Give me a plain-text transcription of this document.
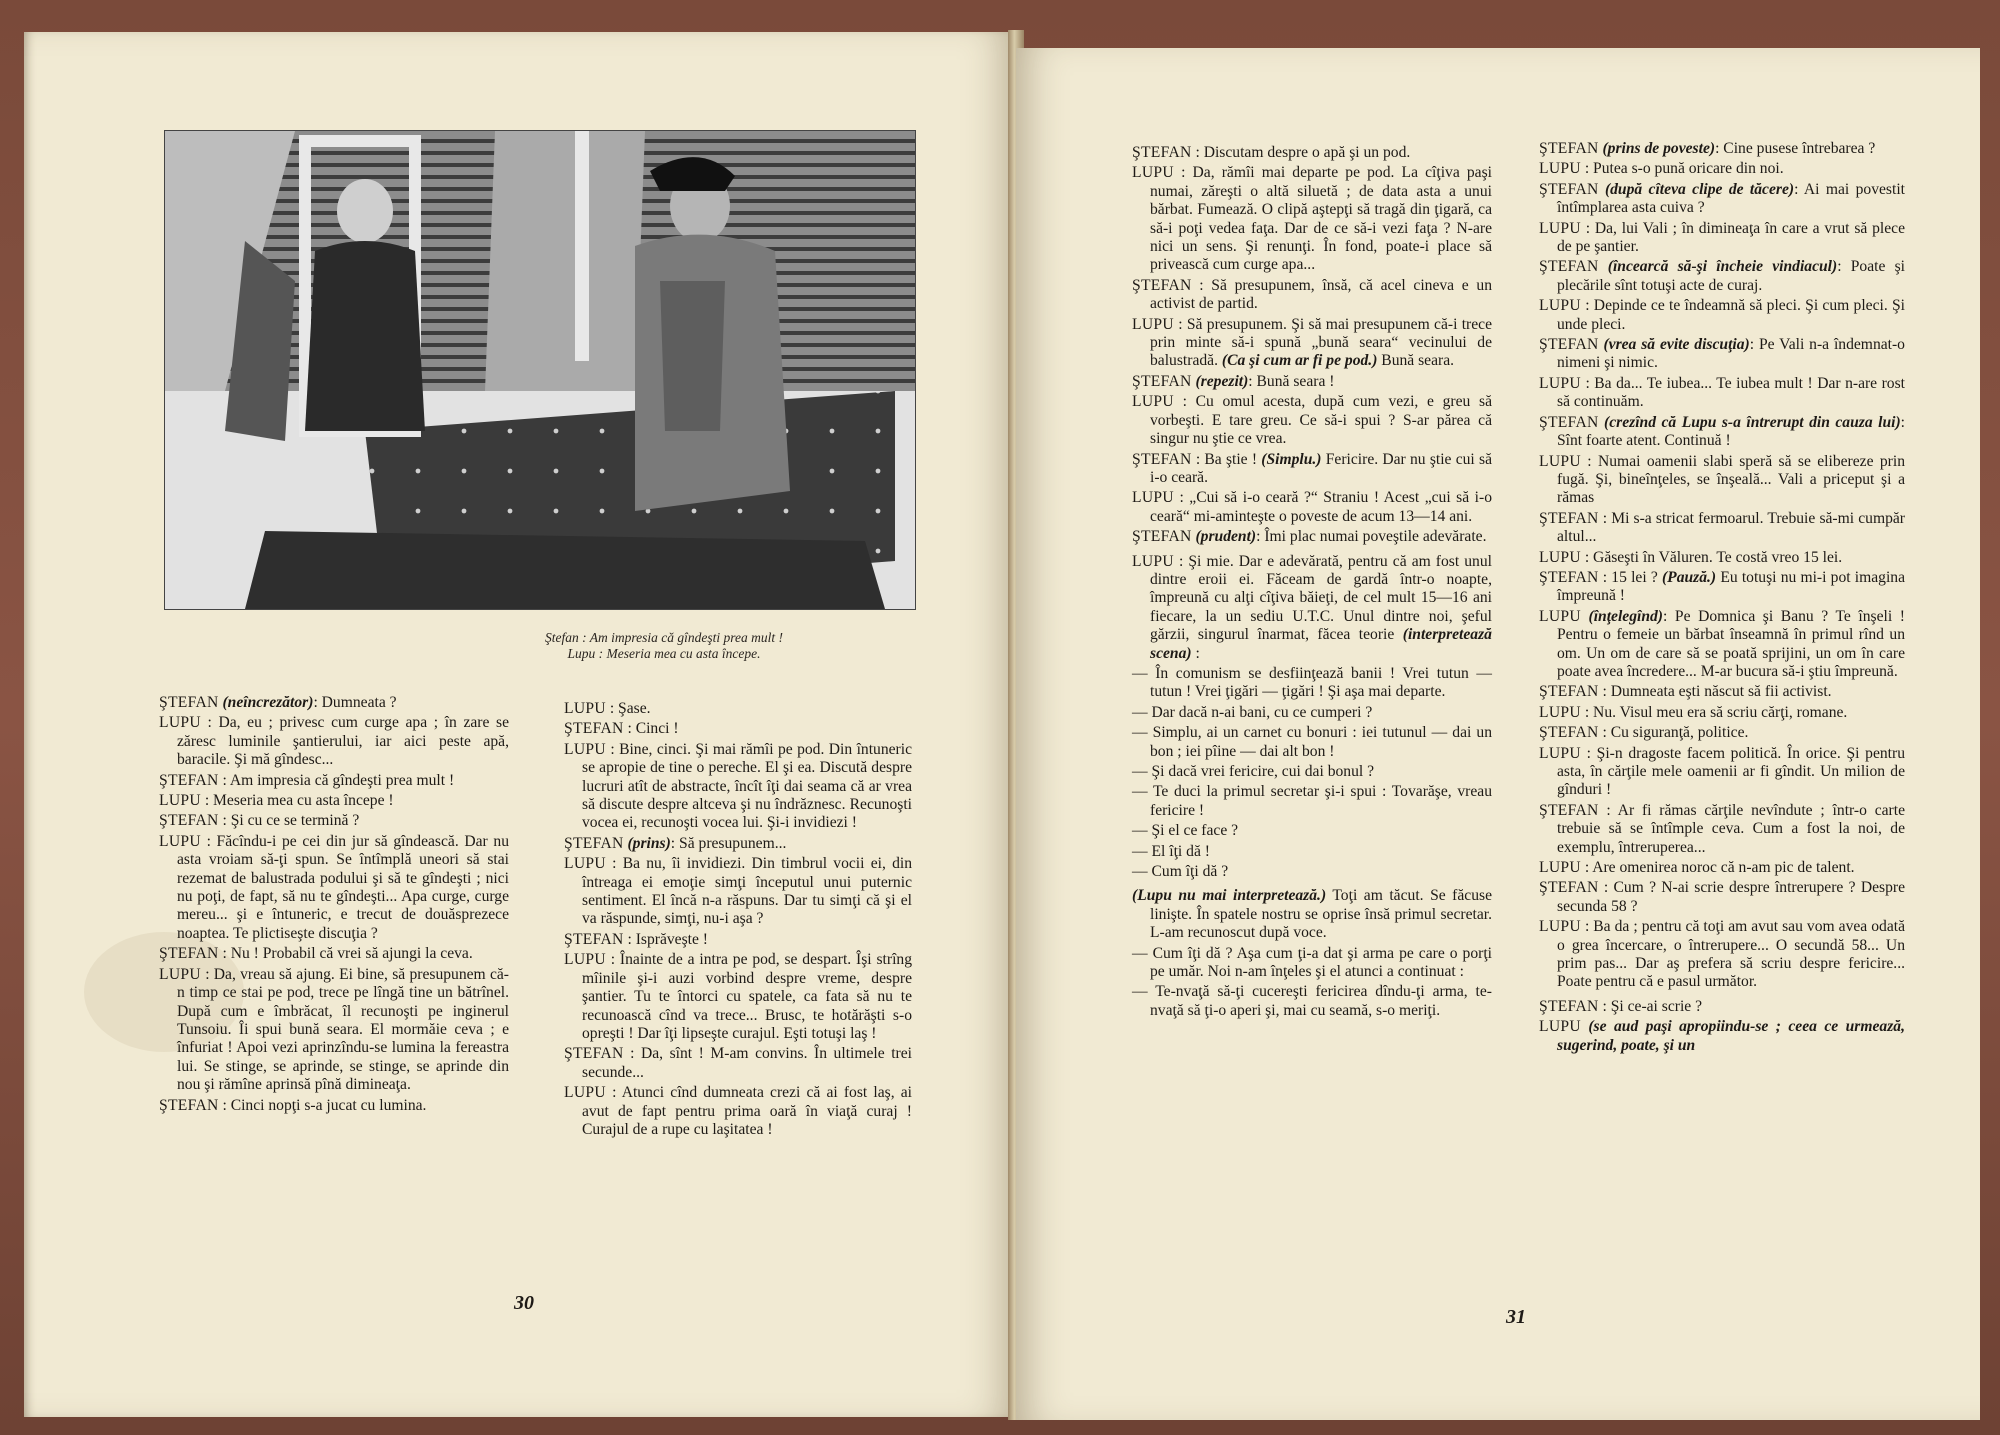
Ştefan : Am impresia că gîndeşti prea mult !
Lupu : Meseria mea cu asta începe.

ŞTEFAN (neîncrezător): Dumneata ?

LUPU : Da, eu ; privesc cum curge apa ; în zare se zăresc luminile şantierului, iar aici peste apă, baracile. Şi mă gîndesc...

ŞTEFAN : Am impresia că gîndeşti prea mult !

LUPU : Meseria mea cu asta începe !

ŞTEFAN : Şi cu ce se termină ?

LUPU : Făcîndu-i pe cei din jur să gîndească. Dar nu asta vroiam să-ţi spun. Se întîmplă uneori să stai rezemat de balustrada podului şi să te gîndeşti ; nici nu poţi, de fapt, să nu te gîndeşti... Apa curge, curge mereu... şi e întuneric, e trecut de douăsprezece noaptea. Te plictiseşte discuţia ?

ŞTEFAN : Nu ! Probabil că vrei să ajungi la ceva.

LUPU : Da, vreau să ajung. Ei bine, să presupunem că-n timp ce stai pe pod, trece pe lîngă tine un bătrînel. După cum e îmbrăcat, îl recunoşti pe inginerul Tunsoiu. Îi spui bună seara. El mormăie ceva ; e înfuriat ! Apoi vezi aprinzîndu-se lumina la fereastra lui. Se stinge, se aprinde, se stinge, se aprinde din nou şi rămîne aprinsă pînă dimineaţa.

ŞTEFAN : Cinci nopţi s-a jucat cu lumina.

LUPU : Şase.

ŞTEFAN : Cinci !

LUPU : Bine, cinci. Şi mai rămîi pe pod. Din întuneric se apropie de tine o pereche. El şi ea. Discută despre lucruri atît de abstracte, încît îţi dai seama că ar vrea să discute despre altceva şi nu îndrăznesc. Recunoşti vocea ei, recunoşti vocea lui. Şi-i invidiezi !

ŞTEFAN (prins): Să presupunem...

LUPU : Ba nu, îi invidiezi. Din timbrul vocii ei, din întreaga ei emoţie simţi începutul unui puternic sentiment. El încă n-a răspuns. Dar tu simţi că şi el va răspunde, simţi, nu-i aşa ?

ŞTEFAN : Isprăveşte !

LUPU : Înainte de a intra pe pod, se despart. Îşi strîng mîinile şi-i auzi vorbind despre vreme, despre şantier. Tu te întorci cu spatele, ca fata să nu te recunoască cînd va trece... Brusc, te hotărăşti s-o opreşti ! Dar îţi lipseşte curajul. Eşti totuşi laş !

ŞTEFAN : Da, sînt ! M-am convins. În ultimele trei secunde...

LUPU : Atunci cînd dumneata crezi că ai fost laş, ai avut de fapt pentru prima oară în viaţă curaj ! Curajul de a rupe cu laşitatea !

30

ŞTEFAN : Discutam despre o apă şi un pod.

LUPU : Da, rămîi mai departe pe pod. La cîţiva paşi numai, zăreşti o altă siluetă ; de data asta a unui bărbat. Fumează. O clipă aştepţi să tragă din ţigară, ca să-i poţi vedea faţa. Dar de ce să-i vezi faţa ? N-are nici un sens. Şi renunţi. În fond, poate-i place să privească cum curge apa...

ŞTEFAN : Să presupunem, însă, că acel cineva e un activist de partid.

LUPU : Să presupunem. Şi să mai presupunem că-i trece prin minte să-i spună „bună seara“ vecinului de balustradă. (Ca şi cum ar fi pe pod.) Bună seara.

ŞTEFAN (repezit): Bună seara !

LUPU : Cu omul acesta, după cum vezi, e greu să vorbeşti. E tare greu. Ce să-i spui ? S-ar părea că singur nu ştie ce vrea.

ŞTEFAN : Ba ştie ! (Simplu.) Fericire. Dar nu ştie cui să i-o ceară.

LUPU : „Cui să i-o ceară ?“ Straniu ! Acest „cui să i-o ceară“ mi-aminteşte o poveste de acum 13—14 ani.

ŞTEFAN (prudent): Îmi plac numai poveştile adevărate.

LUPU : Şi mie. Dar e adevărată, pentru că am fost unul dintre eroii ei. Făceam de gardă într-o noapte, împreună cu alţi cîţiva băieţi, de cel mult 15—16 ani fiecare, la un sediu U.T.C. Unul dintre noi, şeful gărzii, singurul înarmat, făcea teorie (interpretează scena) :

— În comunism se desfiinţează banii ! Vrei tutun — tutun ! Vrei ţigări — ţigări ! Şi aşa mai departe.

— Dar dacă n-ai bani, cu ce cumperi ?

— Simplu, ai un carnet cu bonuri : iei tutunul — dai un bon ; iei pîine — dai alt bon !

— Şi dacă vrei fericire, cui dai bonul ?

— Te duci la primul secretar şi-i spui : Tovarăşe, vreau fericire !

— Şi el ce face ?

— El îţi dă !

— Cum îţi dă ?

(Lupu nu mai interpretează.) Toţi am tăcut. Se făcuse linişte. În spatele nostru se oprise însă primul secretar. L-am recunoscut după voce.

— Cum îţi dă ? Aşa cum ţi-a dat şi arma pe care o porţi pe umăr. Noi n-am înţeles şi el atunci a continuat :

— Te-nvaţă să-ţi cucereşti fericirea dîndu-ţi arma, te-nvaţă să ţi-o aperi şi, mai cu seamă, s-o meriţi.

ŞTEFAN (prins de poveste): Cine pusese întrebarea ?

LUPU : Putea s-o pună oricare din noi.

ŞTEFAN (după cîteva clipe de tăcere): Ai mai povestit întîmplarea asta cuiva ?

LUPU : Da, lui Vali ; în dimineaţa în care a vrut să plece de pe şantier.

ŞTEFAN (încearcă să-şi încheie vindiacul): Poate şi plecările sînt totuşi acte de curaj.

LUPU : Depinde ce te îndeamnă să pleci. Şi cum pleci. Şi unde pleci.

ŞTEFAN (vrea să evite discuţia): Pe Vali n-a îndemnat-o nimeni şi nimic.

LUPU : Ba da... Te iubea... Te iubea mult ! Dar n-are rost să continuăm.

ŞTEFAN (crezînd că Lupu s-a întrerupt din cauza lui): Sînt foarte atent. Continuă !

LUPU : Numai oamenii slabi speră să se elibereze prin fugă. Şi, bineînţeles, se înşeală... Vali a priceput şi a rămas

ŞTEFAN : Mi s-a stricat fermoarul. Trebuie să-mi cumpăr altul...

LUPU : Găseşti în Văluren. Te costă vreo 15 lei.

ŞTEFAN : 15 lei ? (Pauză.) Eu totuşi nu mi-i pot imagina împreună !

LUPU (înţelegînd): Pe Domnica şi Banu ? Te înşeli ! Pentru o femeie un bărbat înseamnă în primul rînd un om. Un om de care să se poată sprijini, un om în care poate avea încredere... M-ar bucura să-i ştiu împreună.

ŞTEFAN : Dumneata eşti născut să fii activist.

LUPU : Nu. Visul meu era să scriu cărţi, romane.

ŞTEFAN : Cu siguranţă, politice.

LUPU : Şi-n dragoste facem politică. În orice. Şi pentru asta, în cărţile mele oamenii ar fi gîndit. Un milion de gînduri !

ŞTEFAN : Ar fi rămas cărţile nevîndute ; într-o carte trebuie să se întîmple ceva. Cum a fost la noi, de exemplu, întreruperea...

LUPU : Are omenirea noroc că n-am pic de talent.

ŞTEFAN : Cum ? N-ai scrie despre întrerupere ? Despre secunda 58 ?

LUPU : Ba da ; pentru că toţi am avut sau vom avea odată o grea încercare, o întrerupere... O secundă 58... Un prim pas... Dar aş prefera să scriu despre fericire... Poate pentru că e pasul următor.

ŞTEFAN : Şi ce-ai scrie ?

LUPU (se aud paşi apropiindu-se ; ceea ce urmează, sugerind, poate, şi un

31
